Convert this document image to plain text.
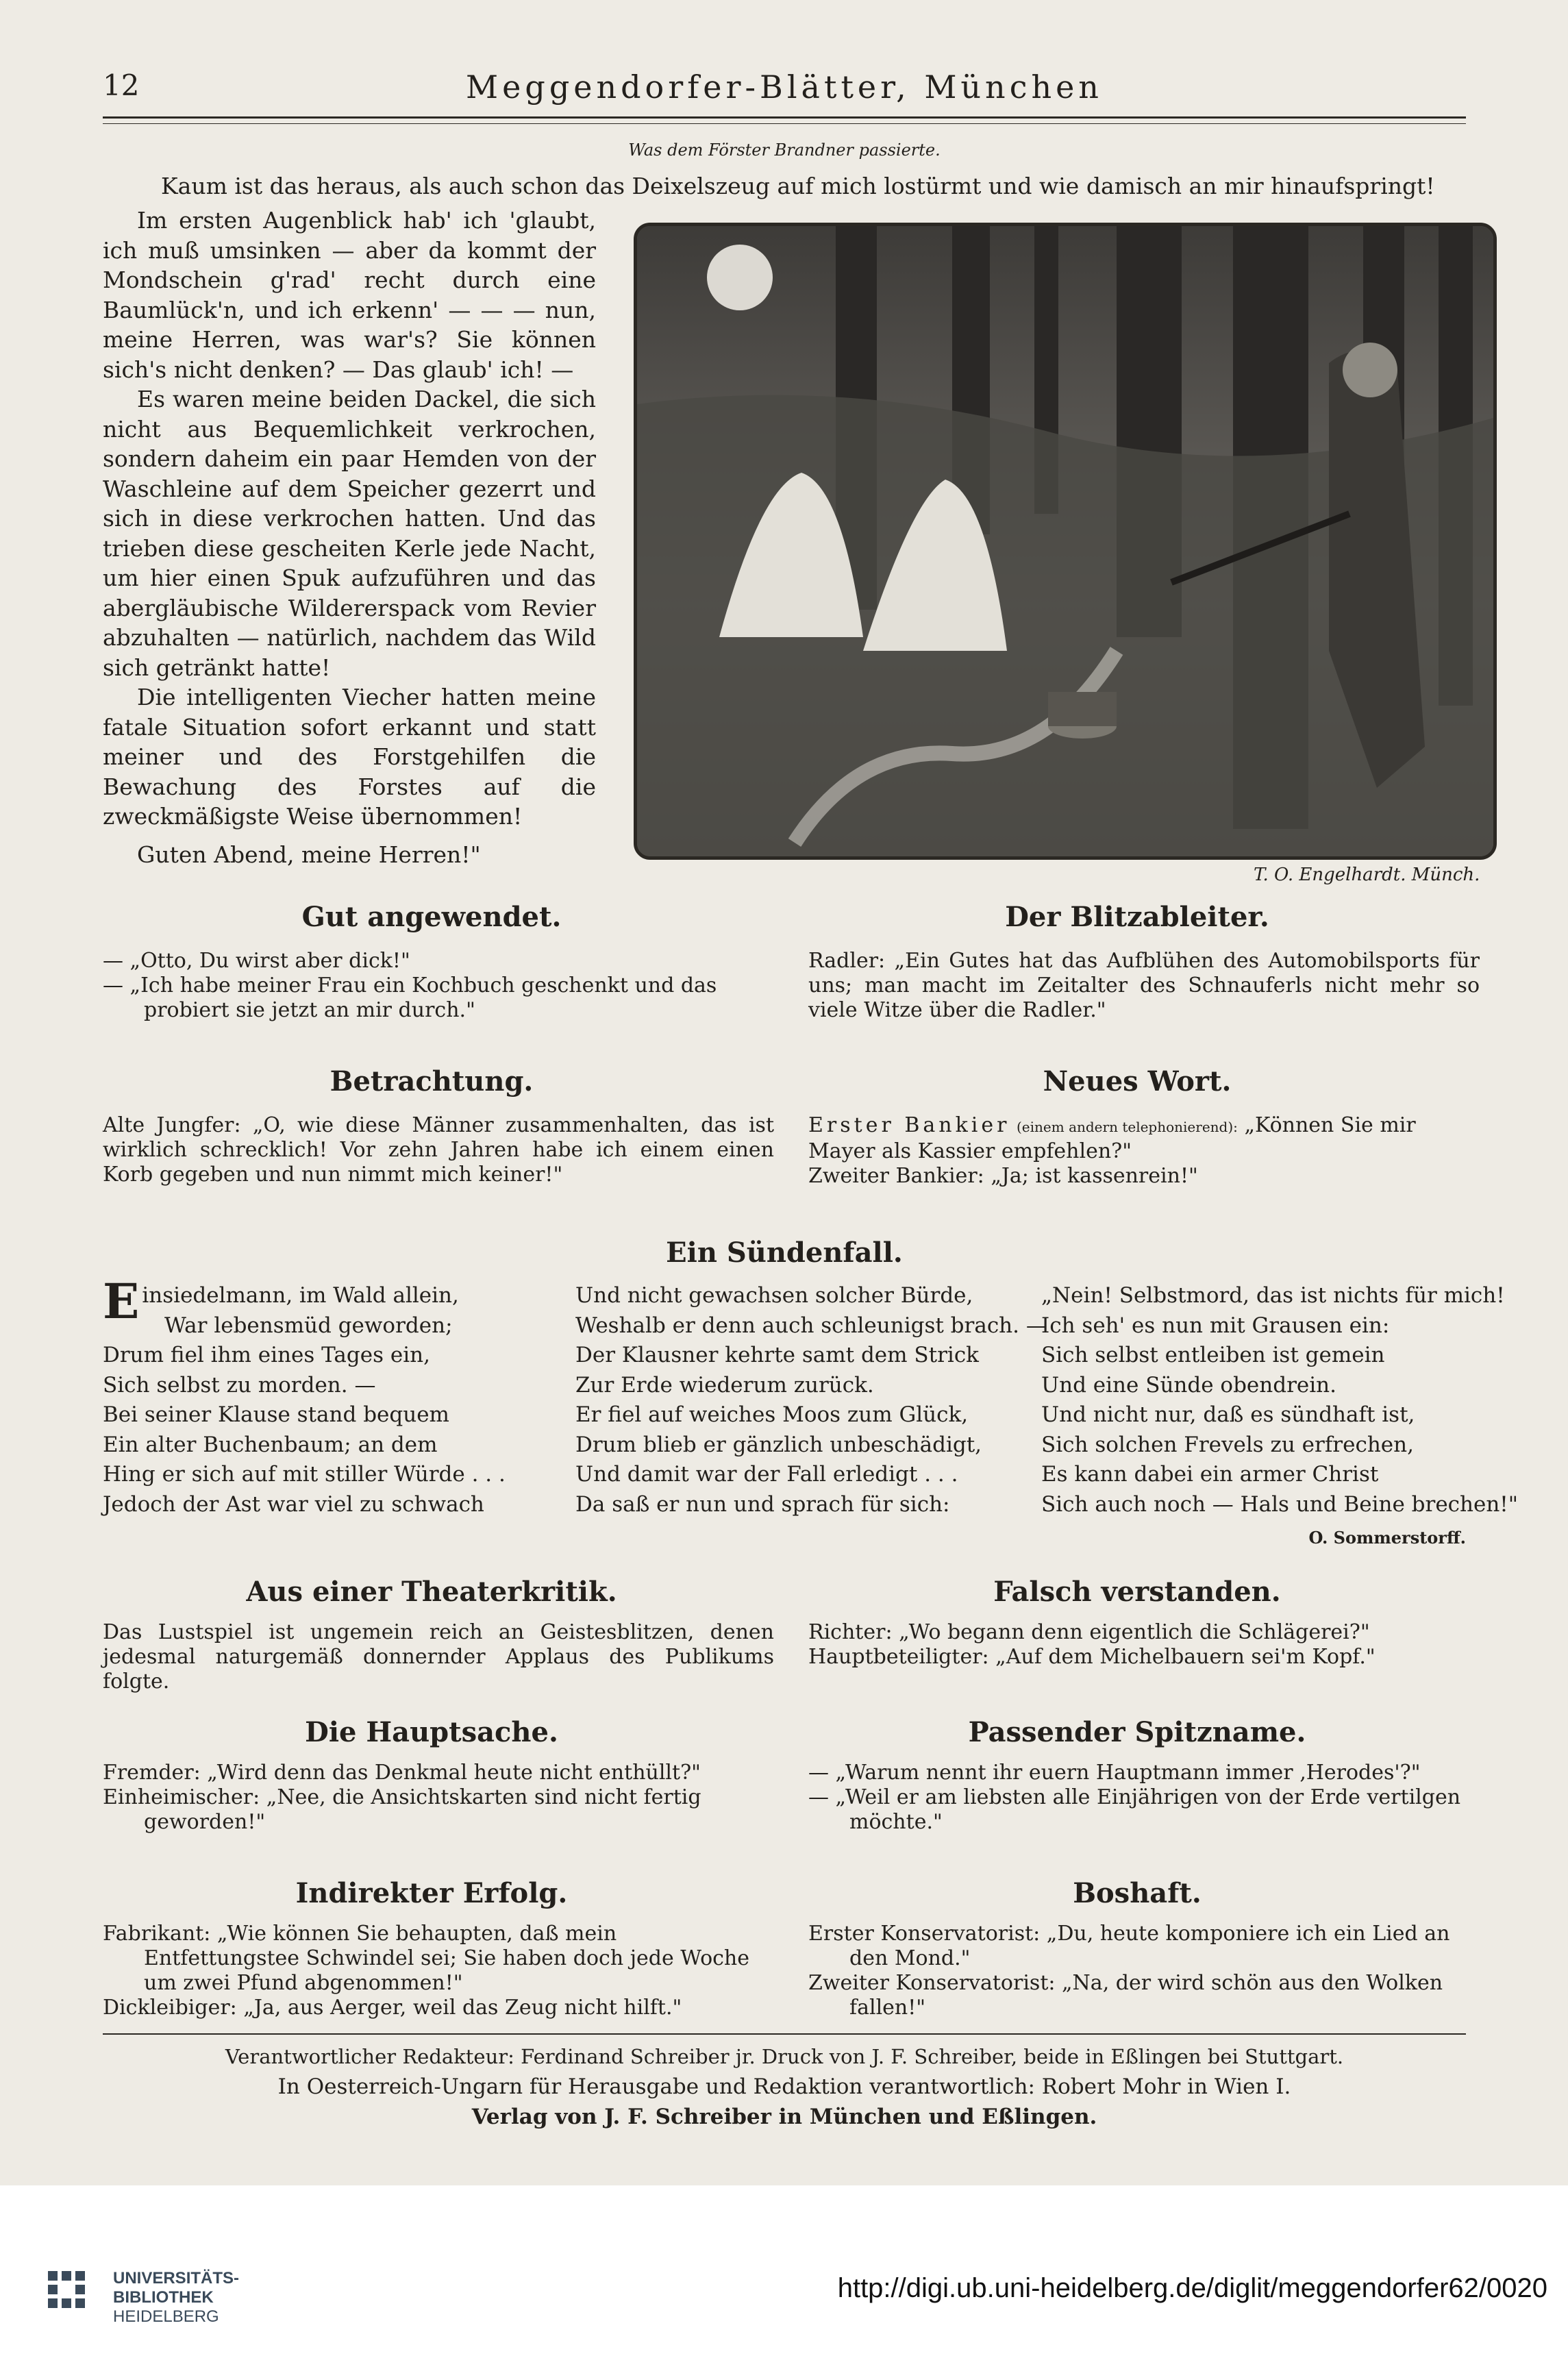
12	Meggendorfer-Blätter, München
Was dem Förster Brandner passierte.
Kaum ist das heraus, als auch schon das Deixelszeug auf mich lostürmt und wie damisch an mir hinaufspringt!

Im ersten Augenblick hab' ich 'glaubt, ich muß umsinken — aber da kommt der Mondschein g'rad' recht durch eine Baumlück'n, und ich erkenn' — — — nun, meine Herren, was war's? Sie können sich's nicht denken? — Das glaub' ich! —

Es waren meine beiden Dackel, die sich nicht aus Bequemlichkeit verkrochen, sondern daheim ein paar Hemden von der Waschleine auf dem Speicher gezerrt und sich in diese verkrochen hatten. Und das trieben diese gescheiten Kerle jede Nacht, um hier einen Spuk aufzuführen und das abergläubische Wildererspack vom Revier abzuhalten — natürlich, nachdem das Wild sich getränkt hatte!

Die intelligenten Viecher hatten meine fatale Situation sofort erkannt und statt meiner und des Forstgehilfen die Bewachung des Forstes auf die zweckmäßigste Weise übernommen!

Guten Abend, meine Herren!"

T. O. Engelhardt. Münch.
Gut angewendet.	Der Blitzableiter.
— „Otto, Du wirst aber dick!"
— „Ich habe meiner Frau ein Kochbuch geschenkt und das probiert sie jetzt an mir durch."
Radler: „Ein Gutes hat das Aufblühen des Automobilsports für uns; man macht im Zeitalter des Schnauferls nicht mehr so viele Witze über die Radler."
Betrachtung.	Neues Wort.
Alte Jungfer: „O, wie diese Männer zusammenhalten, das ist wirklich schrecklich! Vor zehn Jahren habe ich einem einen Korb gegeben und nun nimmt mich keiner!"
Erster Bankier (einem andern telephonierend): „Können Sie mir Mayer als Kassier empfehlen?"
Zweiter Bankier: „Ja; ist kassenrein!"
Ein Sündenfall.
E insiedelmann, im Wald allein,
War lebensmüd geworden;
Drum fiel ihm eines Tages ein,
Sich selbst zu morden. —
Bei seiner Klause stand bequem
Ein alter Buchenbaum; an dem
Hing er sich auf mit stiller Würde . . .
Jedoch der Ast war viel zu schwach
Und nicht gewachsen solcher Bürde,
Weshalb er denn auch schleunigst brach. —
Der Klausner kehrte samt dem Strick
Zur Erde wiederum zurück.
Er fiel auf weiches Moos zum Glück,
Drum blieb er gänzlich unbeschädigt,
Und damit war der Fall erledigt . . .
Da saß er nun und sprach für sich:
„Nein! Selbstmord, das ist nichts für mich!
Ich seh' es nun mit Grausen ein:
Sich selbst entleiben ist gemein
Und eine Sünde obendrein.
Und nicht nur, daß es sündhaft ist,
Sich solchen Frevels zu erfrechen,
Es kann dabei ein armer Christ
Sich auch noch — Hals und Beine brechen!"
O. Sommerstorff.
Aus einer Theaterkritik.	Falsch verstanden.
Das Lustspiel ist ungemein reich an Geistesblitzen, denen jedesmal naturgemäß donnernder Applaus des Publikums folgte.
Richter: „Wo begann denn eigentlich die Schlägerei?"
Hauptbeteiligter: „Auf dem Michelbauern sei'm Kopf."
Die Hauptsache.	Passender Spitzname.
Fremder: „Wird denn das Denkmal heute nicht enthüllt?"
Einheimischer: „Nee, die Ansichtskarten sind nicht fertig geworden!"
— „Warum nennt ihr euern Hauptmann immer ‚Herodes'?"
— „Weil er am liebsten alle Einjährigen von der Erde vertilgen möchte."
Indirekter Erfolg.	Boshaft.
Fabrikant: „Wie können Sie behaupten, daß mein Entfettungstee Schwindel sei; Sie haben doch jede Woche um zwei Pfund abgenommen!"
Dickleibiger: „Ja, aus Aerger, weil das Zeug nicht hilft."
Erster Konservatorist: „Du, heute komponiere ich ein Lied an den Mond."
Zweiter Konservatorist: „Na, der wird schön aus den Wolken fallen!"
Verantwortlicher Redakteur: Ferdinand Schreiber jr. Druck von J. F. Schreiber, beide in Eßlingen bei Stuttgart.
In Oesterreich-Ungarn für Herausgabe und Redaktion verantwortlich: Robert Mohr in Wien I.
Verlag von J. F. Schreiber in München und Eßlingen.
UNIVERSITÄTS-
BIBLIOTHEK
HEIDELBERG
http://digi.ub.uni-heidelberg.de/diglit/meggendorfer62/0020
